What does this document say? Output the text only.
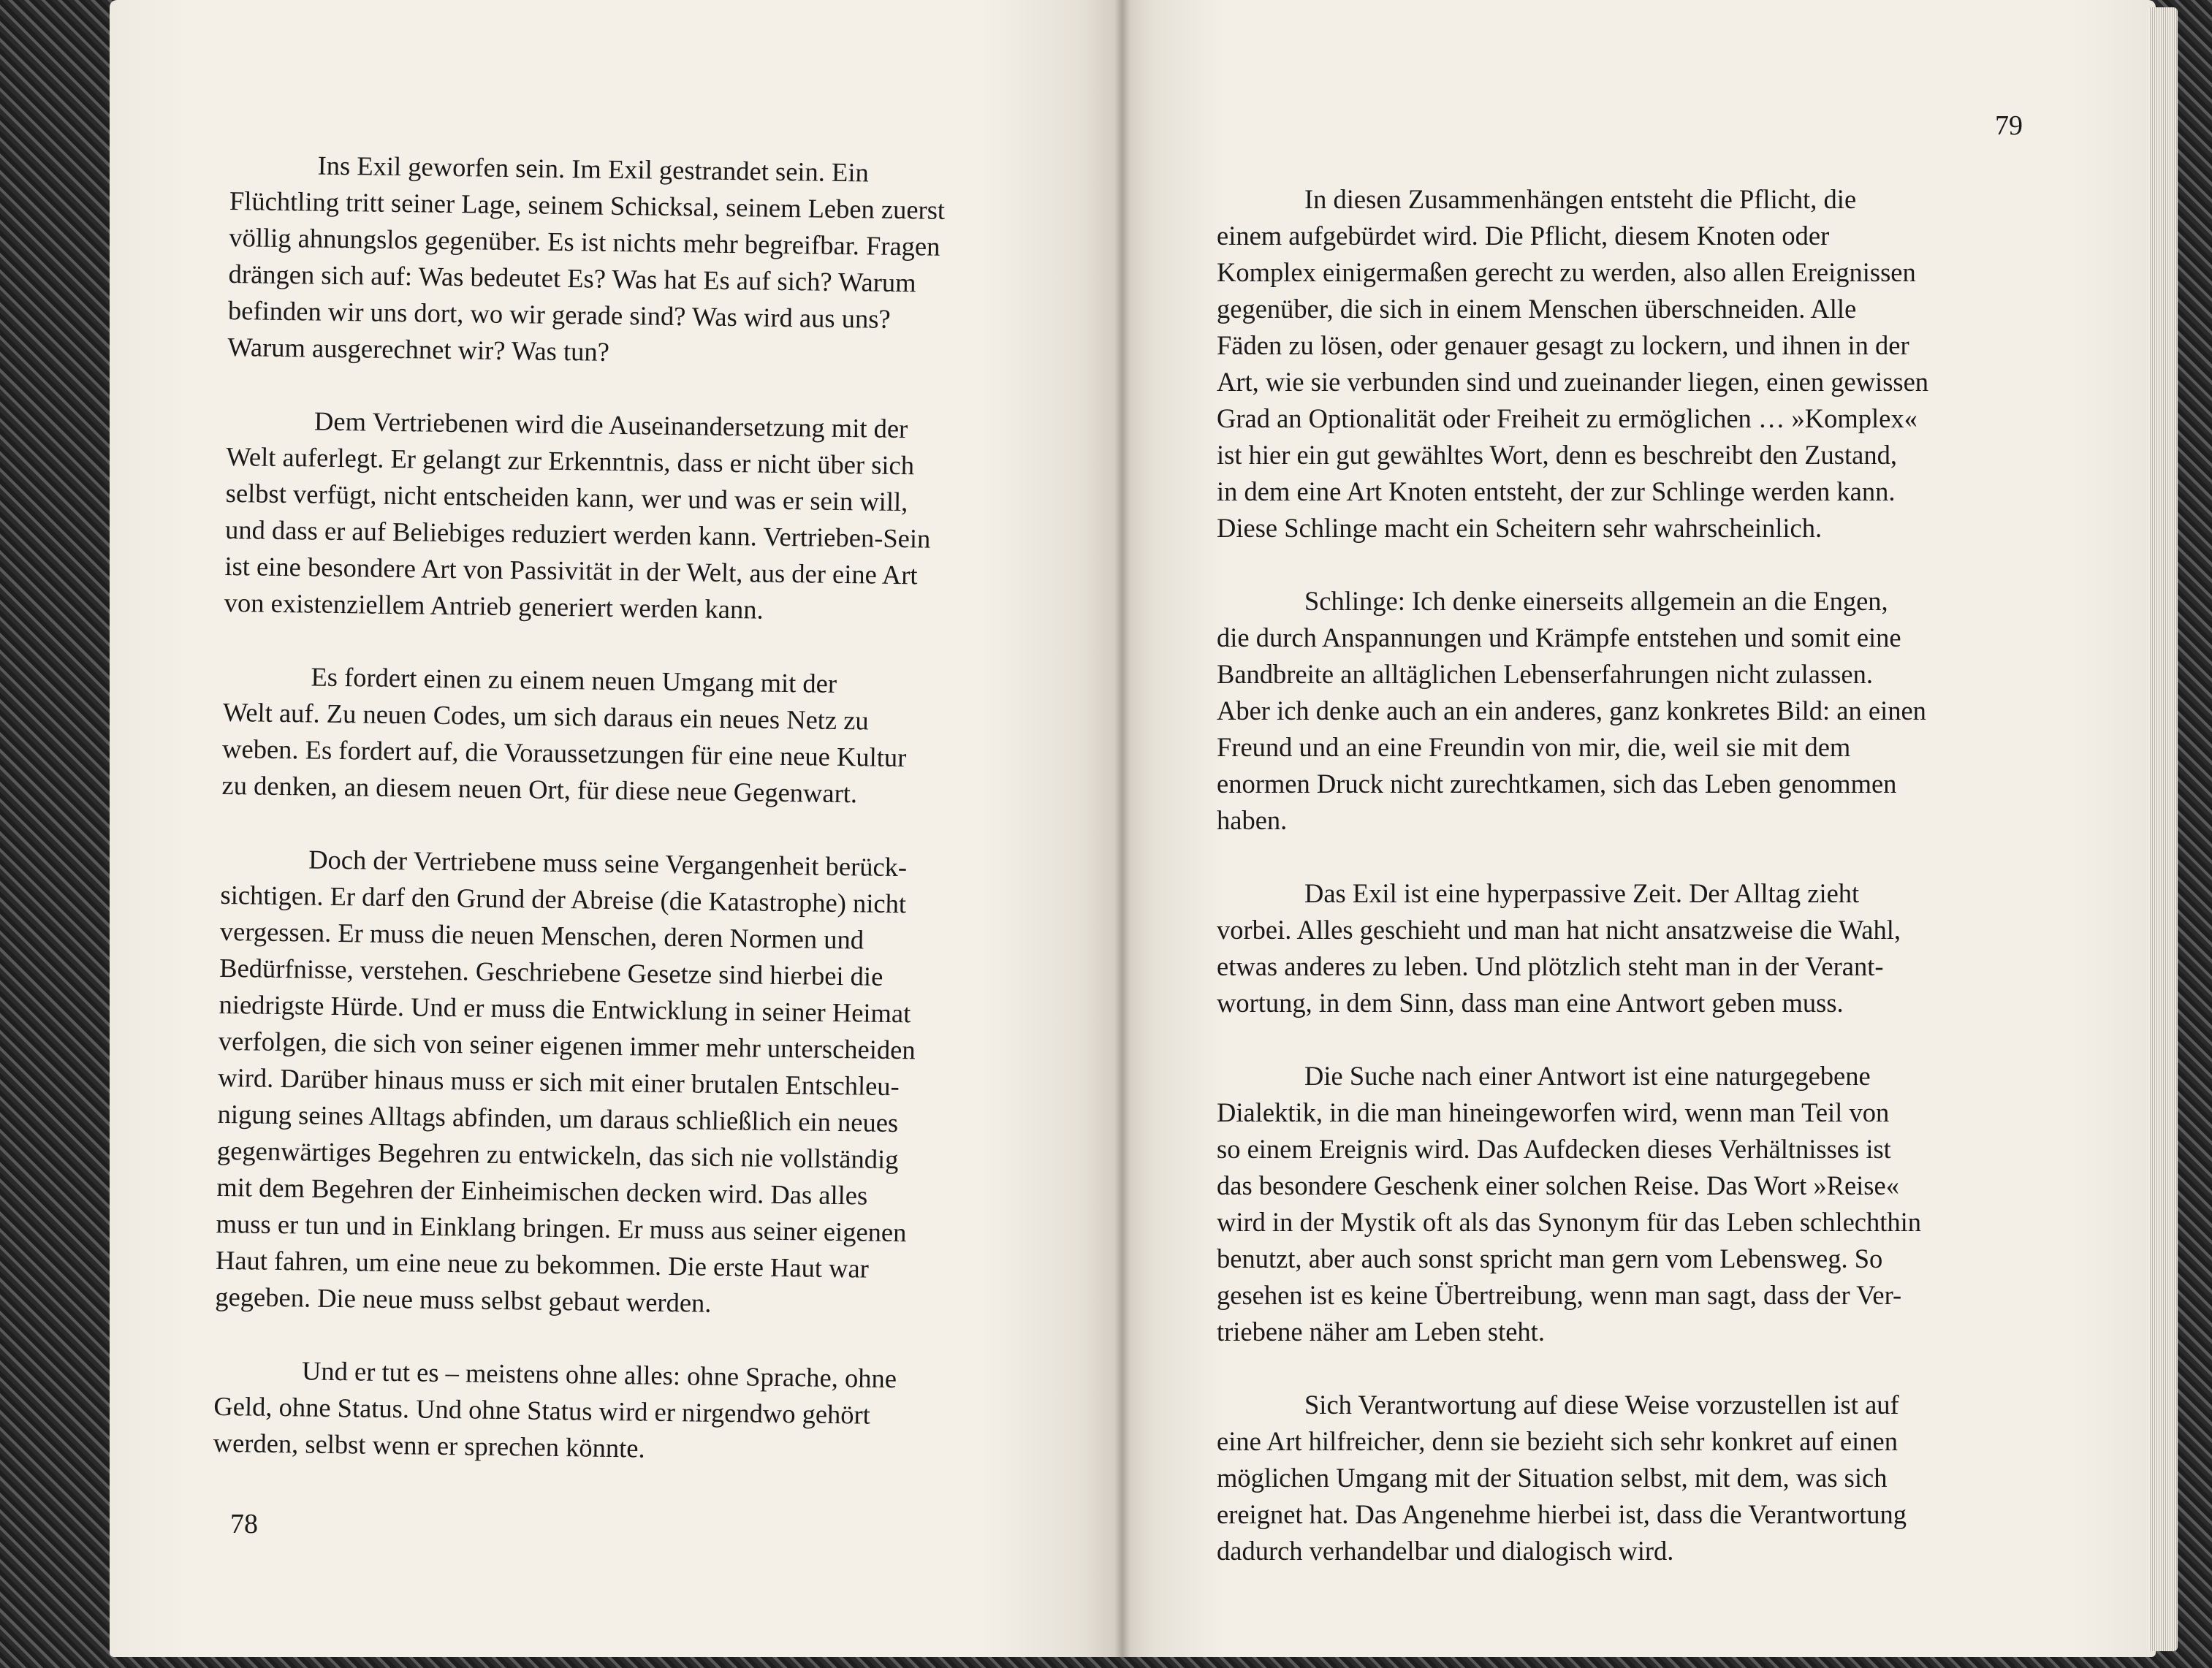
Ins Exil geworfen sein. Im Exil gestrandet sein. Ein
Flüchtling tritt seiner Lage, seinem Schicksal, seinem Leben zuerst
völlig ahnungslos gegenüber. Es ist nichts mehr begreifbar. Fragen
drängen sich auf: Was bedeutet Es? Was hat Es auf sich? Warum
befinden wir uns dort, wo wir gerade sind? Was wird aus uns?
Warum ausgerechnet wir? Was tun?

Dem Vertriebenen wird die Auseinandersetzung mit der
Welt auferlegt. Er gelangt zur Erkenntnis, dass er nicht über sich
selbst verfügt, nicht entscheiden kann, wer und was er sein will,
und dass er auf Beliebiges reduziert werden kann. Vertrieben-Sein
ist eine besondere Art von Passivität in der Welt, aus der eine Art
von existenziellem Antrieb generiert werden kann.

Es fordert einen zu einem neuen Umgang mit der
Welt auf. Zu neuen Codes, um sich daraus ein neues Netz zu
weben. Es fordert auf, die Voraussetzungen für eine neue Kultur
zu denken, an diesem neuen Ort, für diese neue Gegenwart.

Doch der Vertriebene muss seine Vergangenheit berück-
sichtigen. Er darf den Grund der Abreise (die Katastrophe) nicht
vergessen. Er muss die neuen Menschen, deren Normen und
Bedürfnisse, verstehen. Geschriebene Gesetze sind hierbei die
niedrigste Hürde. Und er muss die Entwicklung in seiner Heimat
verfolgen, die sich von seiner eigenen immer mehr unterscheiden
wird. Darüber hinaus muss er sich mit einer brutalen Entschleu-
nigung seines Alltags abfinden, um daraus schließlich ein neues
gegenwärtiges Begehren zu entwickeln, das sich nie vollständig
mit dem Begehren der Einheimischen decken wird. Das alles
muss er tun und in Einklang bringen. Er muss aus seiner eigenen
Haut fahren, um eine neue zu bekommen. Die erste Haut war
gegeben. Die neue muss selbst gebaut werden.

Und er tut es – meistens ohne alles: ohne Sprache, ohne
Geld, ohne Status. Und ohne Status wird er nirgendwo gehört
werden, selbst wenn er sprechen könnte.

78
79

In diesen Zusammenhängen entsteht die Pflicht, die
einem aufgebürdet wird. Die Pflicht, diesem Knoten oder
Komplex einigermaßen gerecht zu werden, also allen Ereignissen
gegenüber, die sich in einem Menschen überschneiden. Alle
Fäden zu lösen, oder genauer gesagt zu lockern, und ihnen in der
Art, wie sie verbunden sind und zueinander liegen, einen gewissen
Grad an Optionalität oder Freiheit zu ermöglichen … »Komplex«
ist hier ein gut gewähltes Wort, denn es beschreibt den Zustand,
in dem eine Art Knoten entsteht, der zur Schlinge werden kann.
Diese Schlinge macht ein Scheitern sehr wahrscheinlich.

Schlinge: Ich denke einerseits allgemein an die Engen,
die durch Anspannungen und Krämpfe entstehen und somit eine
Bandbreite an alltäglichen Lebenserfahrungen nicht zulassen.
Aber ich denke auch an ein anderes, ganz konkretes Bild: an einen
Freund und an eine Freundin von mir, die, weil sie mit dem
enormen Druck nicht zurechtkamen, sich das Leben genommen
haben.

Das Exil ist eine hyperpassive Zeit. Der Alltag zieht
vorbei. Alles geschieht und man hat nicht ansatzweise die Wahl,
etwas anderes zu leben. Und plötzlich steht man in der Verant-
wortung, in dem Sinn, dass man eine Antwort geben muss.

Die Suche nach einer Antwort ist eine naturgegebene
Dialektik, in die man hineingeworfen wird, wenn man Teil von
so einem Ereignis wird. Das Aufdecken dieses Verhältnisses ist
das besondere Geschenk einer solchen Reise. Das Wort »Reise«
wird in der Mystik oft als das Synonym für das Leben schlechthin
benutzt, aber auch sonst spricht man gern vom Lebensweg. So
gesehen ist es keine Übertreibung, wenn man sagt, dass der Ver-
triebene näher am Leben steht.

Sich Verantwortung auf diese Weise vorzustellen ist auf
eine Art hilfreicher, denn sie bezieht sich sehr konkret auf einen
möglichen Umgang mit der Situation selbst, mit dem, was sich
ereignet hat. Das Angenehme hierbei ist, dass die Verantwortung
dadurch verhandelbar und dialogisch wird.
